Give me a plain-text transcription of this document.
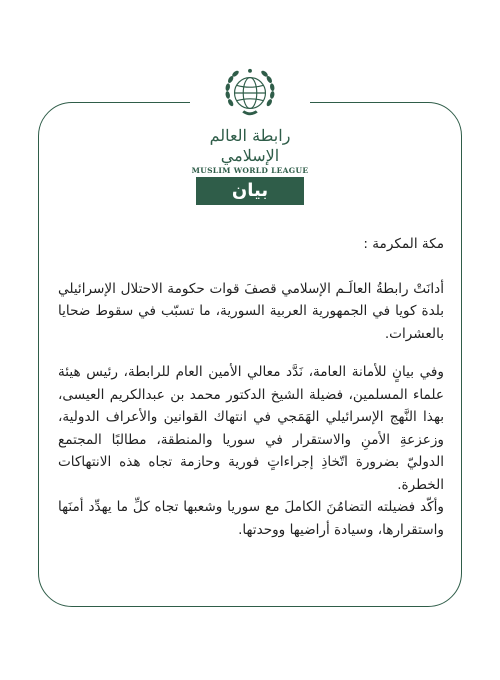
رابطة العالم الإسلامي
MUSLIM WORLD LEAGUE
بيان

مكة المكرمة :

أدانَتْ رابطةُ العالَـم الإسلامي قصفَ قوات حكومة الاحتلال الإسرائيلي بلدة كويا في الجمهورية العربية السورية، ما تسبّب في سقوط ضحايا بالعشرات.

وفي بيانٍ للأمانة العامة، نَدَّد معالي الأمين العام للرابطة، رئيس هيئة علماء المسلمين، فضيلة الشيخ الدكتور محمد بن عبدالكريم العيسى، بهذا النَّهج الإسرائيلي الهَمَجي في انتهاك القوانين والأعراف الدولية، وزعزعةِ الأمنِ والاستقرار في سوريا والمنطقة، مطالبًا المجتمع الدوليّ بضرورة اتّخاذِ إجراءاتٍ فورية وحازمة تجاه هذه الانتهاكات الخطرة.

وأكّد فضيلته التضامُنَ الكاملَ مع سوريا وشعبها تجاه كلِّ ما يهدِّد أمنَها واستقرارها، وسيادة أراضيها ووحدتها.
